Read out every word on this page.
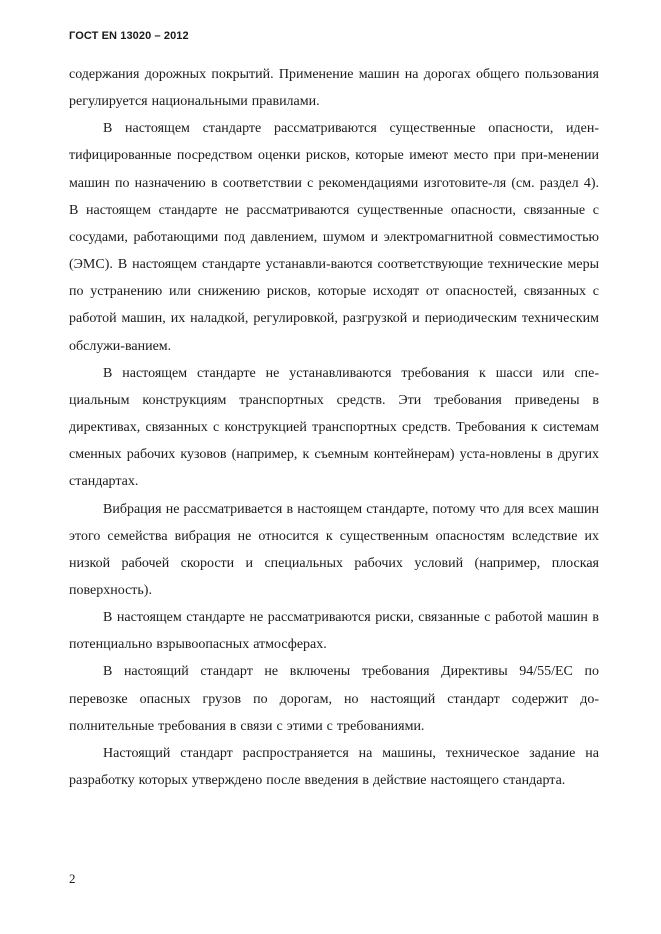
ГОСТ EN 13020 – 2012

содержания дорожных покрытий. Применение машин на дорогах общего пользования регулируется национальными правилами.

В настоящем стандарте рассматриваются существенные опасности, иден-тифицированные посредством оценки рисков, которые имеют место при при-менении машин по назначению в соответствии с рекомендациями изготовите-ля (см. раздел 4). В настоящем стандарте не рассматриваются существенные опасности, связанные с сосудами, работающими под давлением, шумом и электромагнитной совместимостью (ЭМС). В настоящем стандарте устанавли-ваются соответствующие технические меры по устранению или снижению рисков, которые исходят от опасностей, связанных с работой машин, их наладкой, регулировкой, разгрузкой и периодическим техническим обслужи-ванием.

В настоящем стандарте не устанавливаются требования к шасси или спе-циальным конструкциям транспортных средств. Эти требования приведены в директивах, связанных с конструкцией транспортных средств. Требования к системам сменных рабочих кузовов (например, к съемным контейнерам) уста-новлены в других стандартах.

Вибрация не рассматривается в настоящем стандарте, потому что для всех машин этого семейства вибрация не относится к существенным опасностям вследствие их низкой рабочей скорости и специальных рабочих условий (например, плоская поверхность).

В настоящем стандарте не рассматриваются риски, связанные с работой машин в потенциально взрывоопасных атмосферах.

В настоящий стандарт не включены требования Директивы 94/55/ЕС по перевозке опасных грузов по дорогам, но настоящий стандарт содержит до-полнительные требования в связи с этими с требованиями.

Настоящий стандарт распространяется на машины, техническое задание на разработку которых утверждено после введения в действие настоящего стандарта.

2
